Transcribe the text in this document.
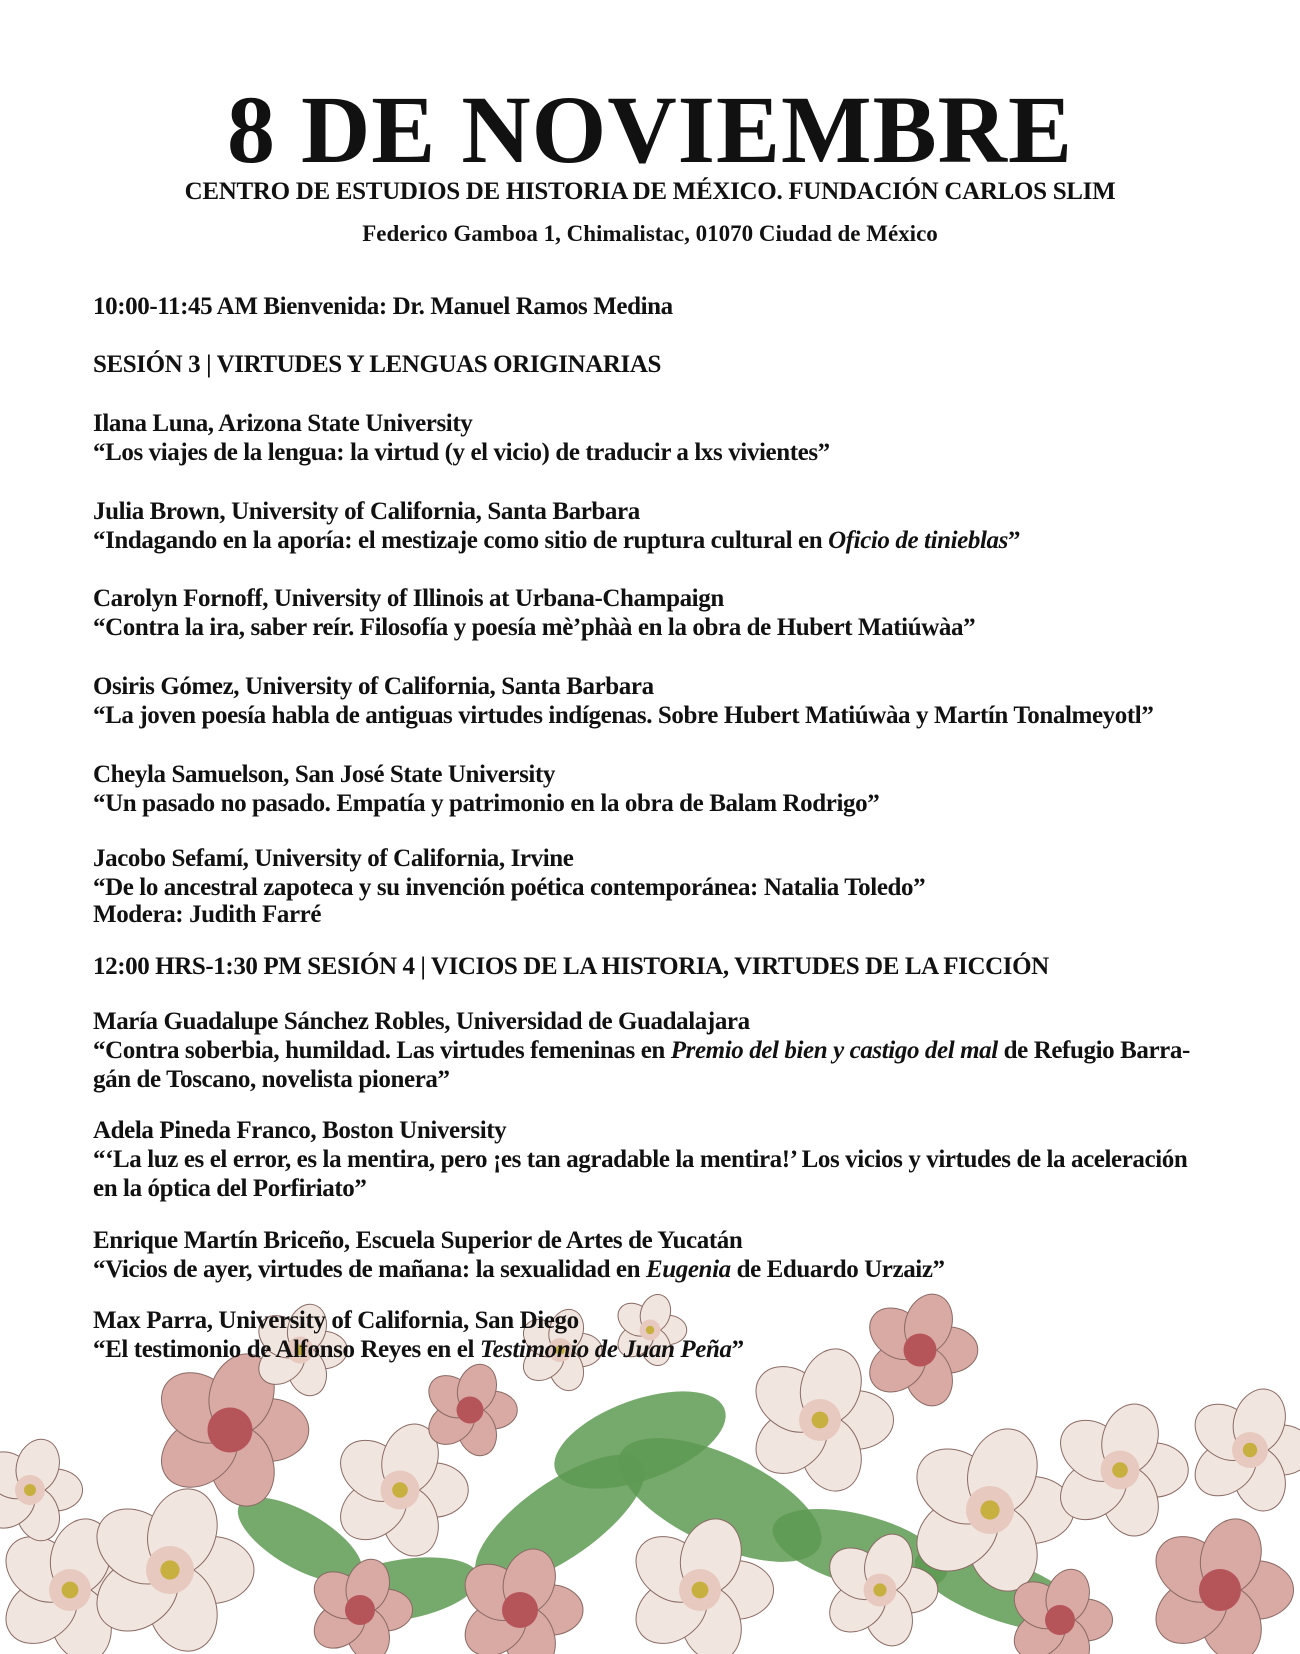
8 DE NOVIEMBRE
CENTRO DE ESTUDIOS DE HISTORIA DE MÉXICO. FUNDACIÓN CARLOS SLIM
Federico Gamboa 1, Chimalistac, 01070 Ciudad de México
10:00-11:45 AM Bienvenida: Dr. Manuel Ramos Medina
SESIÓN 3 | VIRTUDES Y LENGUAS ORIGINARIAS
Ilana Luna, Arizona State University
“Los viajes de la lengua: la virtud (y el vicio) de traducir a lxs vivientes”
Julia Brown, University of California, Santa Barbara
“Indagando en la aporía: el mestizaje como sitio de ruptura cultural en Oficio de tinieblas”
Carolyn Fornoff, University of Illinois at Urbana-Champaign
“Contra la ira, saber reír. Filosofía y poesía mè’phàà en la obra de Hubert Matiúwàa”
Osiris Gómez, University of California, Santa Barbara
“La joven poesía habla de antiguas virtudes indígenas. Sobre Hubert Matiúwàa y Martín Tonalmeyotl”
Cheyla Samuelson, San José State University
“Un pasado no pasado. Empatía y patrimonio en la obra de Balam Rodrigo”
Jacobo Sefamí, University of California, Irvine
“De lo ancestral zapoteca y su invención poética contemporánea: Natalia Toledo”
Modera: Judith Farré
12:00 HRS-1:30 PM SESIÓN 4 | VICIOS DE LA HISTORIA, VIRTUDES DE LA FICCIÓN
María Guadalupe Sánchez Robles, Universidad de Guadalajara
“Contra soberbia, humildad. Las virtudes femeninas en Premio del bien y castigo del mal de Refugio Barra-
gán de Toscano, novelista pionera”
Adela Pineda Franco, Boston University
“‘La luz es el error, es la mentira, pero ¡es tan agradable la mentira!’ Los vicios y virtudes de la aceleración
en la óptica del Porfiriato”
Enrique Martín Briceño, Escuela Superior de Artes de Yucatán
“Vicios de ayer, virtudes de mañana: la sexualidad en Eugenia de Eduardo Urzaiz”
Max Parra, University of California, San Diego
“El testimonio de Alfonso Reyes en el Testimonio de Juan Peña”
